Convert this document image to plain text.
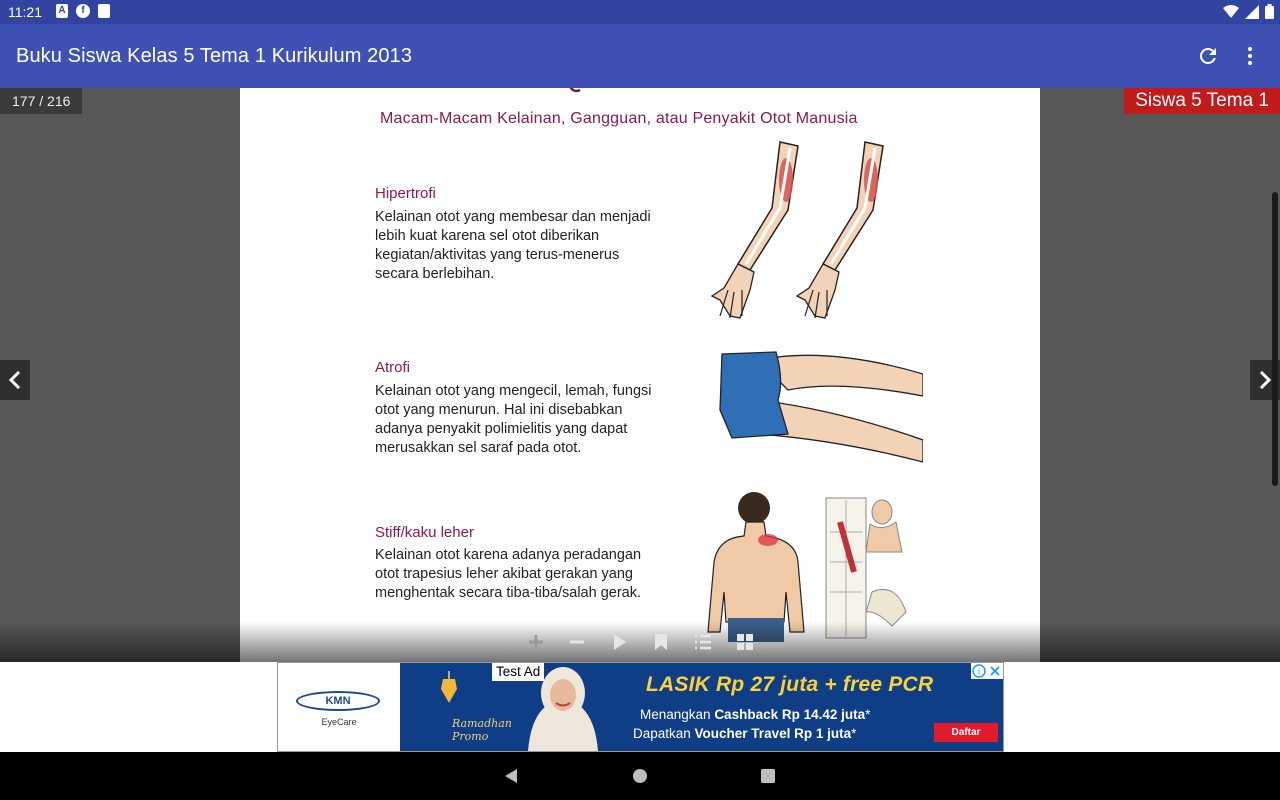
11:21 A	f
Buku Siswa Kelas 5 Tema 1 Kurikulum 2013
177 / 216	Siswa 5 Tema 1
Macam-Macam Kelainan, Gangguan, atau Penyakit Otot Manusia
Hipertrofi
Kelainan otot yang membesar dan menjadi
lebih kuat karena sel otot diberikan
kegiatan/aktivitas yang terus-menerus
secara berlebihan.
Atrofi
Kelainan otot yang mengecil, lemah, fungsi
otot yang menurun. Hal ini disebabkan
adanya penyakit polimielitis yang dapat
merusakkan sel saraf pada otot.
Stiff/kaku leher
Kelainan otot karena adanya peradangan
otot trapesius leher akibat gerakan yang
menghentak secara tiba-tiba/salah gerak.
KMN
EyeCare	Ramadhan
Promo
LASIK Rp 27 juta + free PCR
Menangkan Cashback Rp 14.42 juta*
Dapatkan Voucher Travel Rp 1 juta*	Daftar
Test Ad	i
